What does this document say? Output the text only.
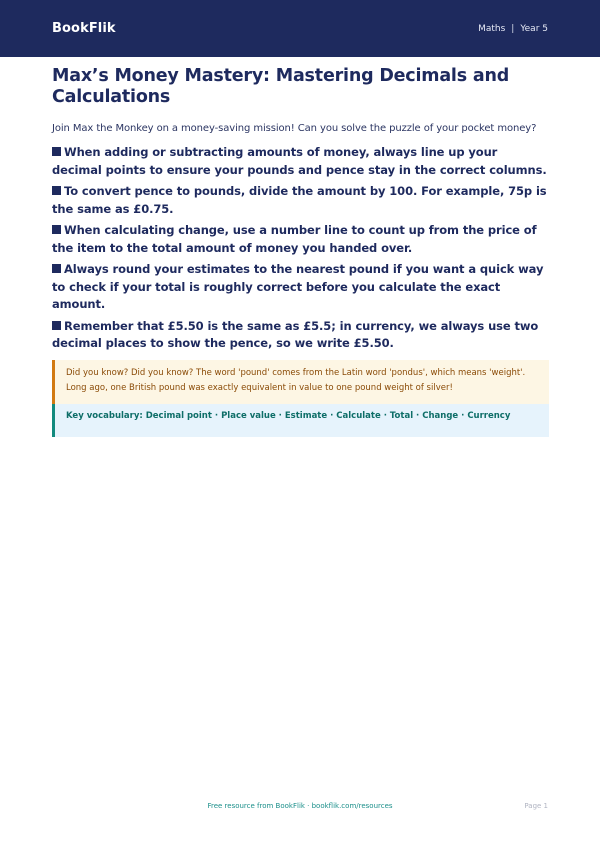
BookFlik	Maths | Year 5
Max’s Money Mastery: Mastering Decimals and Calculations

Join Max the Monkey on a money-saving mission! Can you solve the puzzle of your pocket money?

When adding or subtracting amounts of money, always line up your decimal points to ensure your pounds and pence stay in the correct columns.
To convert pence to pounds, divide the amount by 100. For example, 75p is the same as £0.75.
When calculating change, use a number line to count up from the price of the item to the total amount of money you handed over.
Always round your estimates to the nearest pound if you want a quick way to check if your total is roughly correct before you calculate the exact amount.
Remember that £5.50 is the same as £5.5; in currency, we always use two decimal places to show the pence, so we write £5.50.
Did you know? Did you know? The word 'pound' comes from the Latin word 'pondus', which means 'weight'. Long ago, one British pound was exactly equivalent in value to one pound weight of silver!
Key vocabulary: Decimal point · Place value · Estimate · Calculate · Total · Change · Currency
Free resource from BookFlik · bookflik.com/resources	Page 1
